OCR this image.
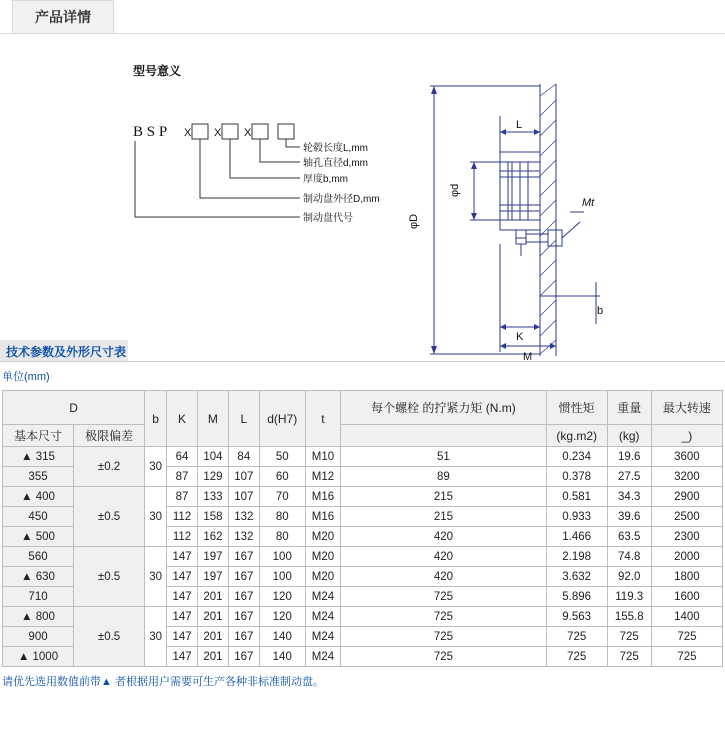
产品详情
型号意义
B S P X X X
轮毂长度L,mm
轴孔直径d,mm
厚度b,mm
制动盘外径D,mm
制动盘代号
Mt
L
φD
φd
b
K
M
技术参数及外形尺寸表
单位(mm)
D		b	K	M	L	d(H7)	t	每个螺栓 的拧紧力矩 (N.m)	惯性矩	重量	最大转速
基本尺寸	极限偏差								(kg.m2)	(kg)	_)
▲ 315	±0.2	30	64	104	84	50	M10	51	0.234	19.6	3600
355			87	129	107	60	M12	89	0.378	27.5	3200
▲ 400	±0.5	30	87	133	107	70	M16	215	0.581	34.3	2900
450			112	158	132	80	M16	215	0.933	39.6	2500
▲ 500			112	162	132	80	M20	420	1.466	63.5	2300
560	±0.5	30	147	197	167	100	M20	420	2.198	74.8	2000
▲ 630			147	197	167	100	M20	420	3.632	92.0	1800
710			147	201	167	120	M24	725	5.896	119.3	1600
▲ 800	±0.5	30	147	201	167	120	M24	725	9.563	155.8	1400
900			147	201	167	140	M24	725	725	725	725
▲ 1000			147	201	167	140	M24	725	725	725	725
请优先选用数值前带▲ 者根据用户需要可生产各种非标准制动盘。
